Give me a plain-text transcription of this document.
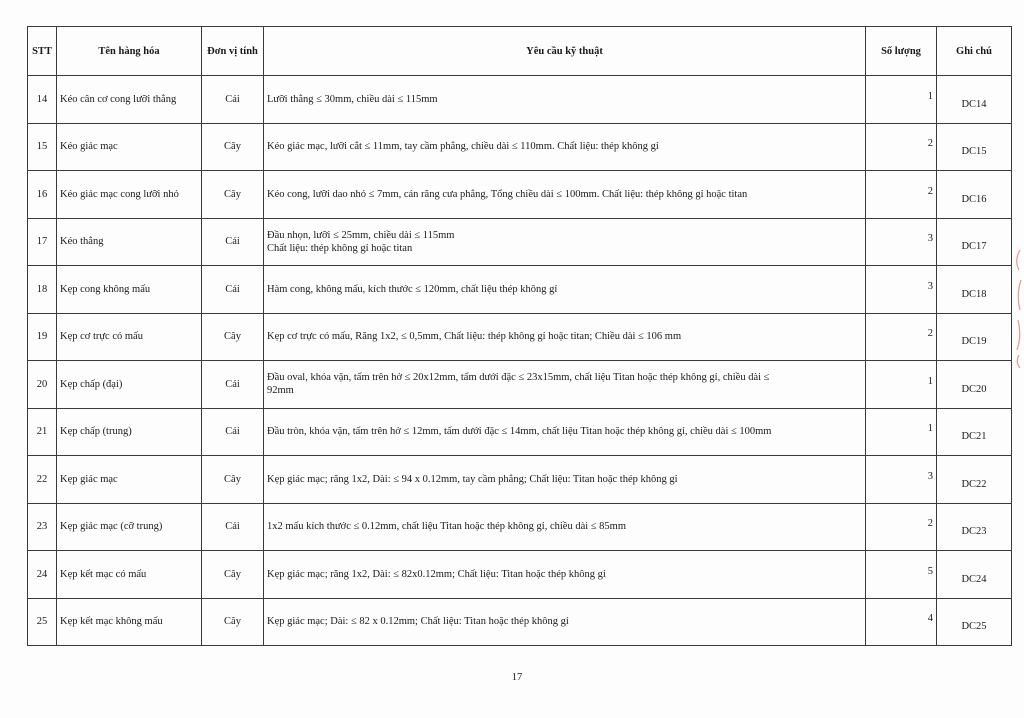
STT	Tên hàng hóa	Đơn vị tính	Yêu cầu kỹ thuật	Số lượng	Ghi chú
14	Kéo cân cơ cong lưỡi thẳng	Cái	Lưỡi thẳng ≤ 30mm, chiều dài ≤ 115mm	1	DC14
15	Kéo giác mạc	Cây	Kéo giác mạc, lưỡi cắt ≤ 11mm, tay cầm phẳng, chiều dài ≤ 110mm. Chất liệu: thép không gỉ	2	DC15
16	Kéo giác mạc cong lưỡi nhỏ	Cây	Kéo cong, lưỡi dao nhỏ ≤ 7mm, cán răng cưa phẳng, Tổng chiều dài ≤ 100mm. Chất liệu: thép không gỉ hoặc titan	2	DC16
17	Kéo thẳng	Cái	Đầu nhọn, lưỡi ≤ 25mm, chiều dài ≤ 115mm
Chất liệu: thép không gỉ hoặc titan	3	DC17
18	Kẹp cong không mấu	Cái	Hàm cong, không mấu, kích thước ≤ 120mm, chất liệu thép không gỉ	3	DC18
19	Kẹp cơ trực có mấu	Cây	Kẹp cơ trực có mấu, Răng 1x2, ≤ 0,5mm, Chất liệu: thép không gỉ hoặc titan; Chiều dài ≤ 106 mm	2	DC19
20	Kẹp chấp (đại)	Cái	Đầu oval, khóa vặn, tấm trên hở ≤ 20x12mm, tấm dưới đặc ≤ 23x15mm, chất liệu Titan hoặc thép không gỉ, chiều dài ≤
92mm	1	DC20
21	Kẹp chấp (trung)	Cái	Đầu tròn, khóa vặn, tấm trên hở ≤ 12mm, tấm dưới đặc ≤ 14mm, chất liệu Titan hoặc thép không gỉ, chiều dài ≤ 100mm	1	DC21
22	Kẹp giác mạc	Cây	Kẹp giác mạc; răng 1x2, Dài: ≤ 94 x 0.12mm, tay cầm phẳng; Chất liệu: Titan hoặc thép không gỉ	3	DC22
23	Kẹp giác mạc (cỡ trung)	Cái	1x2 mấu kích thước ≤ 0.12mm, chất liệu Titan hoặc thép không gỉ, chiều dài ≤ 85mm	2	DC23
24	Kẹp kết mạc có mấu	Cây	Kẹp giác mạc; răng 1x2, Dài: ≤ 82x0.12mm; Chất liệu: Titan hoặc thép không gỉ	5	DC24
25	Kẹp kết mạc không mấu	Cây	Kẹp giác mạc; Dài: ≤ 82 x 0.12mm; Chất liệu: Titan hoặc thép không gỉ	4	DC25
17
